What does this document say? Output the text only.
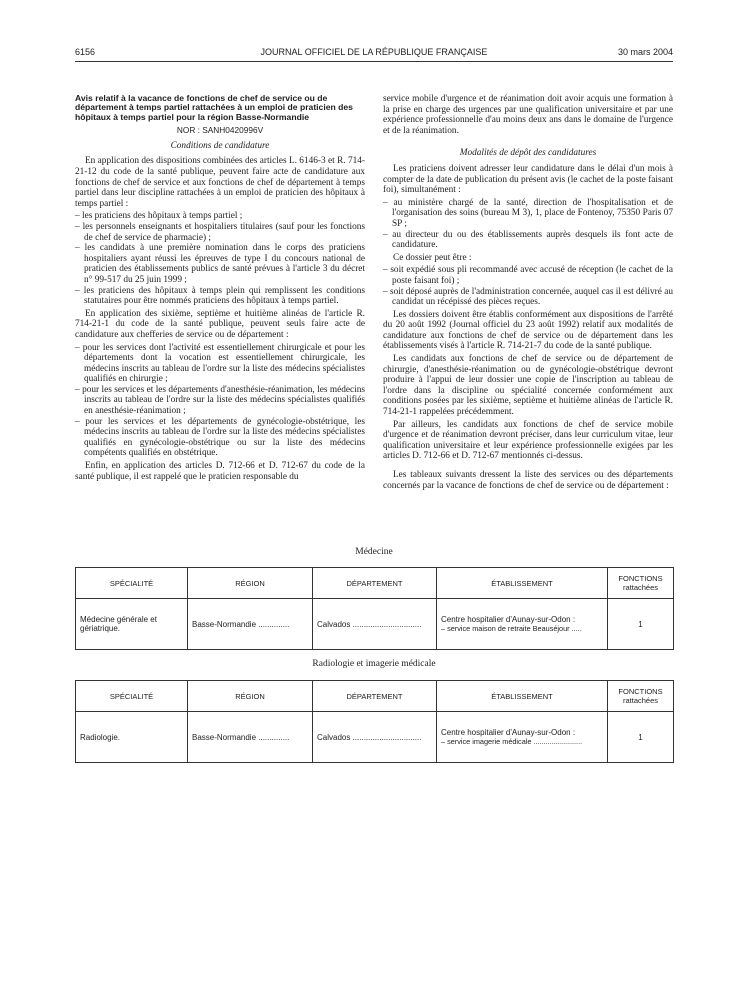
6156	JOURNAL OFFICIEL DE LA RÉPUBLIQUE FRANÇAISE	30 mars 2004

Avis relatif à la vacance de fonctions de chef de service ou de département à temps partiel rattachées à un emploi de praticien des hôpitaux à temps partiel pour la région Basse-Normandie

NOR : SANH0420996V

Conditions de candidature

En application des dispositions combinées des articles L. 6146-3 et R. 714-21-12 du code de la santé publique, peuvent faire acte de candidature aux fonctions de chef de service et aux fonctions de chef de département à temps partiel dans leur discipline rattachées à un emploi de praticien des hôpitaux à temps partiel :

– les praticiens des hôpitaux à temps partiel ;
– les personnels enseignants et hospitaliers titulaires (sauf pour les fonctions de chef de service de pharmacie) ;
– les candidats à une première nomination dans le corps des praticiens hospitaliers ayant réussi les épreuves de type I du concours national de praticien des établissements publics de santé prévues à l'article 3 du décret n° 99-517 du 25 juin 1999 ;
– les praticiens des hôpitaux à temps plein qui remplissent les conditions statutaires pour être nommés praticiens des hôpitaux à temps partiel.

En application des sixième, septième et huitième alinéas de l'article R. 714-21-1 du code de la santé publique, peuvent seuls faire acte de candidature aux chefferies de service ou de département :

– pour les services dont l'activité est essentiellement chirurgicale et pour les départements dont la vocation est essentiellement chirurgicale, les médecins inscrits au tableau de l'ordre sur la liste des médecins spécialistes qualifiés en chirurgie ;
– pour les services et les départements d'anesthésie-réanimation, les médecins inscrits au tableau de l'ordre sur la liste des médecins spécialistes qualifiés en anesthésie-réanimation ;
– pour les services et les départements de gynécologie-obstétrique, les médecins inscrits au tableau de l'ordre sur la liste des médecins spécialistes qualifiés en gynécologie-obstétrique ou sur la liste des médecins compétents qualifiés en obstétrique.

Enfin, en application des articles D. 712-66 et D. 712-67 du code de la santé publique, il est rappelé que le praticien responsable du

service mobile d'urgence et de réanimation doit avoir acquis une formation à la prise en charge des urgences par une qualification universitaire et par une expérience professionnelle d'au moins deux ans dans le domaine de l'urgence et de la réanimation.

Modalités de dépôt des candidatures

Les praticiens doivent adresser leur candidature dans le délai d'un mois à compter de la date de publication du présent avis (le cachet de la poste faisant foi), simultanément :

– au ministère chargé de la santé, direction de l'hospitalisation et de l'organisation des soins (bureau M 3), 1, place de Fontenoy, 75350 Paris 07 SP ;
– au directeur du ou des établissements auprès desquels ils font acte de candidature.

Ce dossier peut être :

– soit expédié sous pli recommandé avec accusé de réception (le cachet de la poste faisant foi) ;
– soit déposé auprès de l'administration concernée, auquel cas il est délivré au candidat un récépissé des pièces reçues.

Les dossiers doivent être établis conformément aux dispositions de l'arrêté du 20 août 1992 (Journal officiel du 23 août 1992) relatif aux modalités de candidature aux fonctions de chef de service ou de département dans les établissements visés à l'article R. 714-21-7 du code de la santé publique.

Les candidats aux fonctions de chef de service ou de département de chirurgie, d'anesthésie-réanimation ou de gynécologie-obstétrique devront produire à l'appui de leur dossier une copie de l'inscription au tableau de l'ordre dans la discipline ou spécialité concernée conformément aux conditions posées par les sixième, septième et huitième alinéas de l'article R. 714-21-1 rappelées précédemment.

Par ailleurs, les candidats aux fonctions de chef de service mobile d'urgence et de réanimation devront préciser, dans leur curriculum vitae, leur qualification universitaire et leur expérience professionnelle exigées par les articles D. 712-66 et D. 712-67 mentionnés ci-dessus.

Les tableaux suivants dressent la liste des services ou des départements concernés par la vacance de fonctions de chef de service ou de département :

Médecine
SPÉCIALITÉ	RÉGION	DÉPARTEMENT	ÉTABLISSEMENT	FONCTIONS rattachées
Médecine générale et gériatrique.	Basse-Normandie ..............	Calvados ...............................	Centre hospitalier d'Aunay-sur-Odon :
– service maison de retraite Beauséjour .....	1
Radiologie et imagerie médicale
SPÉCIALITÉ	RÉGION	DÉPARTEMENT	ÉTABLISSEMENT	FONCTIONS rattachées
Radiologie.	Basse-Normandie ..............	Calvados ...............................	Centre hospitalier d'Aunay-sur-Odon :
– service imagerie médicale ........................	1
